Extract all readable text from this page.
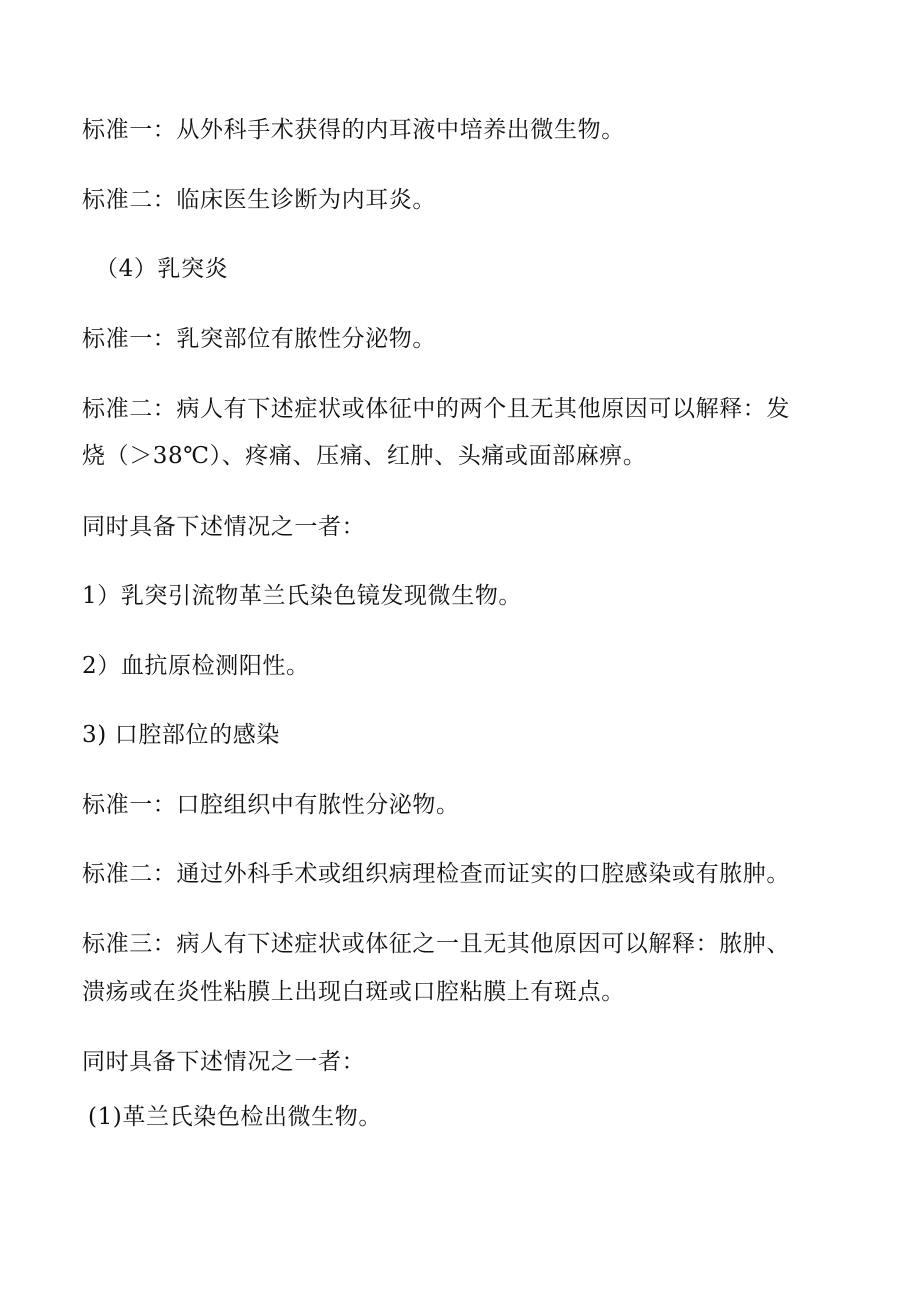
标准一：从外科手术获得的内耳液中培养出微生物。
标准二：临床医生诊断为内耳炎。
（4）乳突炎
标准一：乳突部位有脓性分泌物。
标准二：病人有下述症状或体征中的两个且无其他原因可以解释：发
烧（＞38℃）、疼痛、压痛、红肿、头痛或面部麻痹。
同时具备下述情况之一者：
1）乳突引流物革兰氏染色镜发现微生物。
2）血抗原检测阳性。
3) 口腔部位的感染
标准一：口腔组织中有脓性分泌物。
标准二：通过外科手术或组织病理检查而证实的口腔感染或有脓肿。
标准三：病人有下述症状或体征之一且无其他原因可以解释：脓肿、
溃疡或在炎性粘膜上出现白斑或口腔粘膜上有斑点。
同时具备下述情况之一者：
(1)革兰氏染色检出微生物。
